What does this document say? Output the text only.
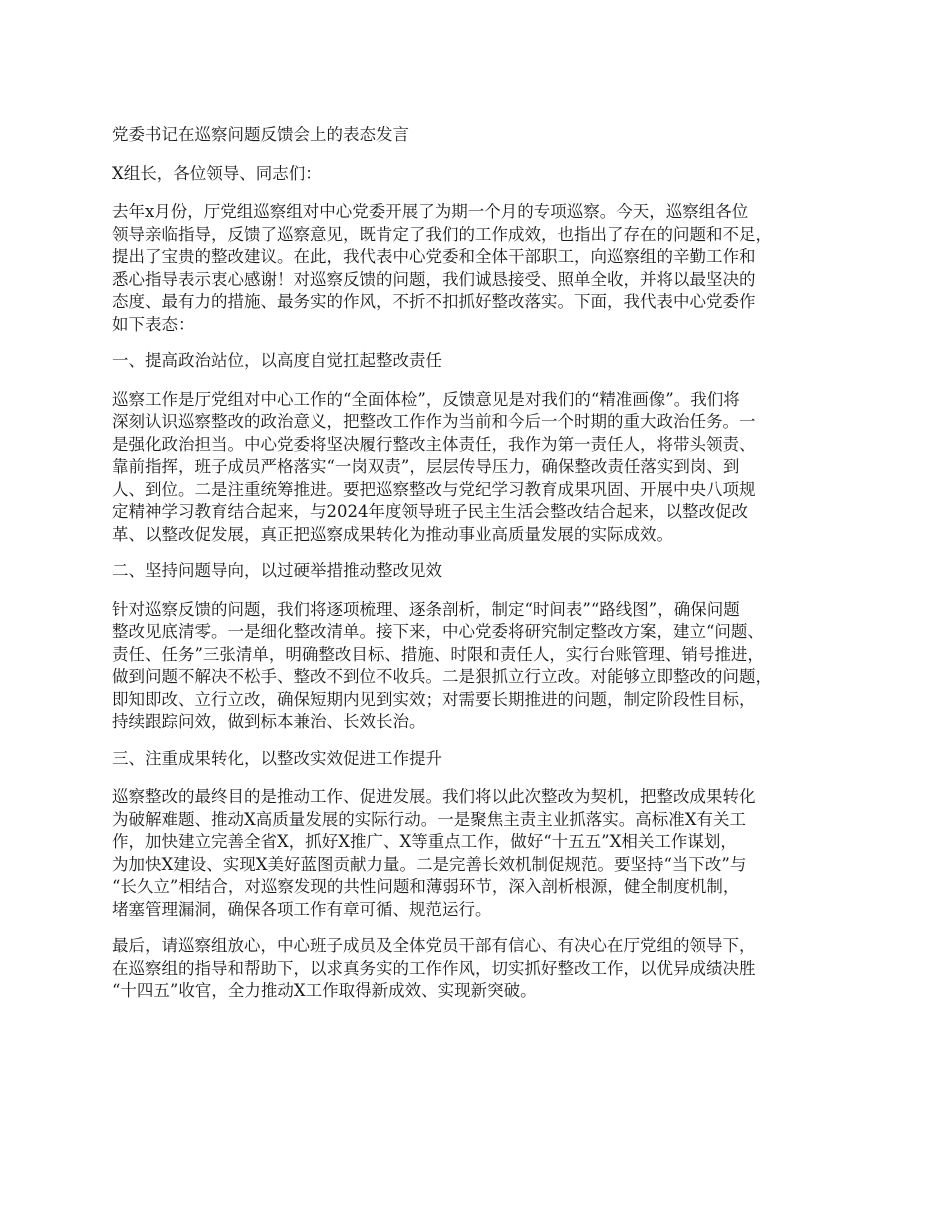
党委书记在巡察问题反馈会上的表态发言

X组长，各位领导、同志们：

去年x月份，厅党组巡察组对中心党委开展了为期一个月的专项巡察。今天，巡察组各位
领导亲临指导，反馈了巡察意见，既肯定了我们的工作成效，也指出了存在的问题和不足，
提出了宝贵的整改建议。在此，我代表中心党委和全体干部职工，向巡察组的辛勤工作和
悉心指导表示衷心感谢！对巡察反馈的问题，我们诚恳接受、照单全收，并将以最坚决的
态度、最有力的措施、最务实的作风，不折不扣抓好整改落实。下面，我代表中心党委作
如下表态：

一、提高政治站位，以高度自觉扛起整改责任

巡察工作是厅党组对中心工作的“全面体检”，反馈意见是对我们的“精准画像”。我们将
深刻认识巡察整改的政治意义，把整改工作作为当前和今后一个时期的重大政治任务。一
是强化政治担当。中心党委将坚决履行整改主体责任，我作为第一责任人，将带头领责、
靠前指挥，班子成员严格落实“一岗双责”，层层传导压力，确保整改责任落实到岗、到
人、到位。二是注重统筹推进。要把巡察整改与党纪学习教育成果巩固、开展中央八项规
定精神学习教育结合起来，与2024年度领导班子民主生活会整改结合起来，以整改促改
革、以整改促发展，真正把巡察成果转化为推动事业高质量发展的实际成效。

二、坚持问题导向，以过硬举措推动整改见效

针对巡察反馈的问题，我们将逐项梳理、逐条剖析，制定“时间表”“路线图”，确保问题
整改见底清零。一是细化整改清单。接下来，中心党委将研究制定整改方案，建立“问题、
责任、任务”三张清单，明确整改目标、措施、时限和责任人，实行台账管理、销号推进，
做到问题不解决不松手、整改不到位不收兵。二是狠抓立行立改。对能够立即整改的问题，
即知即改、立行立改，确保短期内见到实效；对需要长期推进的问题，制定阶段性目标，
持续跟踪问效，做到标本兼治、长效长治。

三、注重成果转化，以整改实效促进工作提升

巡察整改的最终目的是推动工作、促进发展。我们将以此次整改为契机，把整改成果转化
为破解难题、推动X高质量发展的实际行动。一是聚焦主责主业抓落实。高标准X有关工
作，加快建立完善全省X，抓好X推广、X等重点工作，做好“十五五”X相关工作谋划，
为加快X建设、实现X美好蓝图贡献力量。二是完善长效机制促规范。要坚持“当下改”与
“长久立”相结合，对巡察发现的共性问题和薄弱环节，深入剖析根源，健全制度机制，
堵塞管理漏洞，确保各项工作有章可循、规范运行。

最后，请巡察组放心，中心班子成员及全体党员干部有信心、有决心在厅党组的领导下，
在巡察组的指导和帮助下，以求真务实的工作作风，切实抓好整改工作，以优异成绩决胜
“十四五”收官，全力推动X工作取得新成效、实现新突破。
